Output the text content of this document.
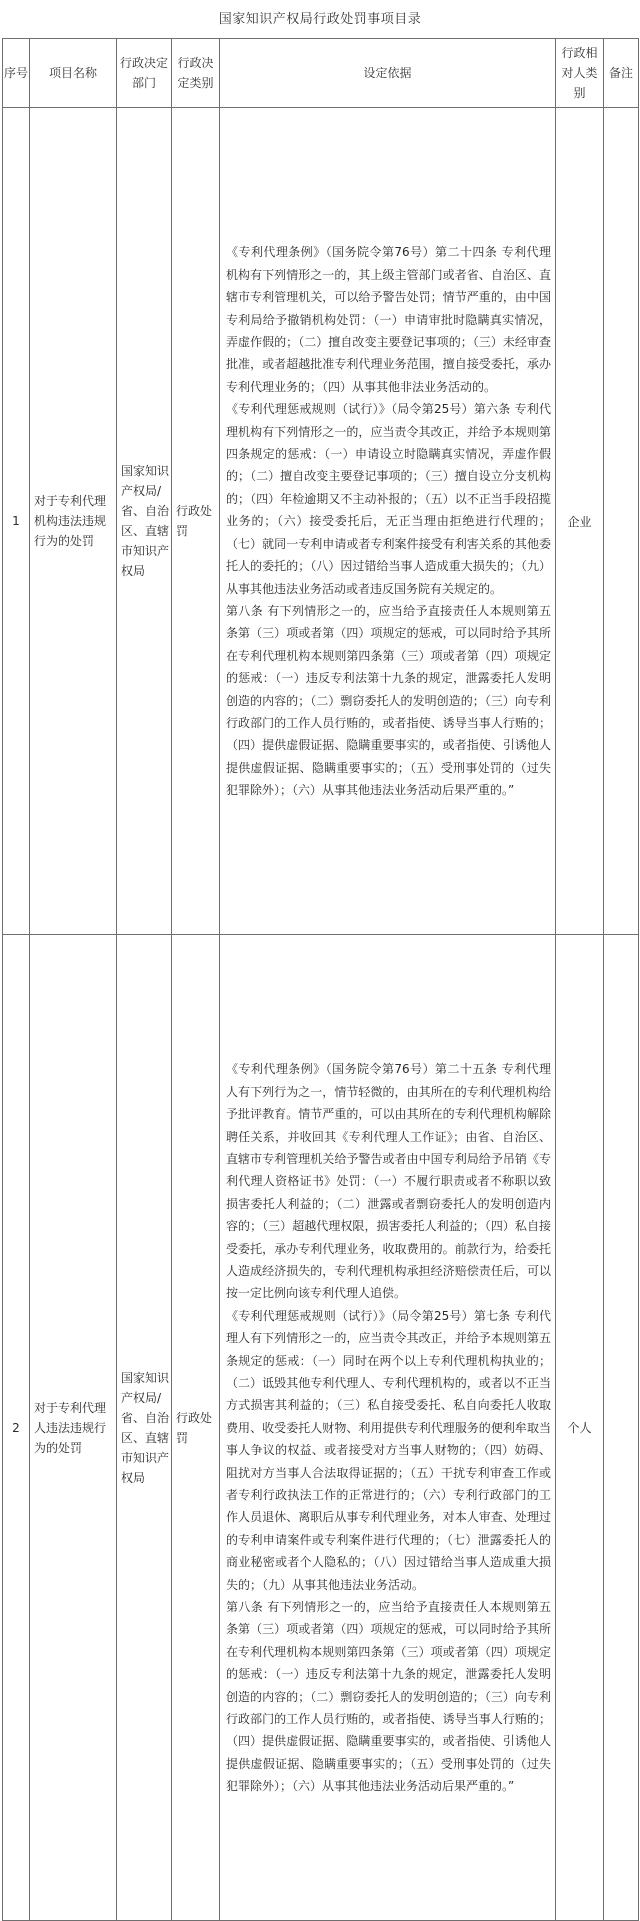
国家知识产权局行政处罚事项目录
序号	项目名称	行政决定部门	行政决定类别	设定依据	行政相对人类别	备注
1	对于专利代理机构违法违规行为的处罚	国家知识产权局/省、自治区、直辖市知识产权局	行政处罚	《专利代理条例》（国务院令第76号）第二十四条 专利代理机构有下列情形之一的，其上级主管部门或者省、自治区、直辖市专利管理机关，可以给予警告处罚；情节严重的，由中国专利局给予撤销机构处罚：（一）申请审批时隐瞒真实情况，弄虚作假的；（二）擅自改变主要登记事项的；（三）未经审查批准，或者超越批准专利代理业务范围，擅自接受委托，承办专利代理业务的；（四）从事其他非法业务活动的。

《专利代理惩戒规则（试行）》（局令第25号）第六条 专利代理机构有下列情形之一的，应当责令其改正，并给予本规则第四条规定的惩戒：（一）申请设立时隐瞒真实情况，弄虚作假的；（二）擅自改变主要登记事项的；（三）擅自设立分支机构的；（四）年检逾期又不主动补报的；（五）以不正当手段招揽业务的；（六）接受委托后，无正当理由拒绝进行代理的；（七）就同一专利申请或者专利案件接受有利害关系的其他委托人的委托的；（八）因过错给当事人造成重大损失的；（九）从事其他违法业务活动或者违反国务院有关规定的。

第八条 有下列情形之一的，应当给予直接责任人本规则第五条第（三）项或者第（四）项规定的惩戒，可以同时给予其所在专利代理机构本规则第四条第（三）项或者第（四）项规定的惩戒：（一）违反专利法第十九条的规定，泄露委托人发明创造的内容的；（二）剽窃委托人的发明创造的；（三）向专利行政部门的工作人员行贿的，或者指使、诱导当事人行贿的；（四）提供虚假证据、隐瞒重要事实的，或者指使、引诱他人提供虚假证据、隐瞒重要事实的；（五）受刑事处罚的（过失犯罪除外）；（六）从事其他违法业务活动后果严重的。”	企业	
2	对于专利代理人违法违规行为的处罚	国家知识产权局/省、自治区、直辖市知识产权局	行政处罚	《专利代理条例》（国务院令第76号）第二十五条 专利代理人有下列行为之一，情节轻微的，由其所在的专利代理机构给予批评教育。情节严重的，可以由其所在的专利代理机构解除聘任关系，并收回其《专利代理人工作证》；由省、自治区、直辖市专利管理机关给予警告或者由中国专利局给予吊销《专利代理人资格证书》处罚：（一）不履行职责或者不称职以致损害委托人利益的；（二）泄露或者剽窃委托人的发明创造内容的；（三）超越代理权限，损害委托人利益的；（四）私自接受委托，承办专利代理业务，收取费用的。前款行为，给委托人造成经济损失的，专利代理机构承担经济赔偿责任后，可以按一定比例向该专利代理人追偿。

《专利代理惩戒规则（试行）》（局令第25号）第七条 专利代理人有下列情形之一的，应当责令其改正，并给予本规则第五条规定的惩戒：（一）同时在两个以上专利代理机构执业的；（二）诋毁其他专利代理人、专利代理机构的，或者以不正当方式损害其利益的；（三）私自接受委托、私自向委托人收取费用、收受委托人财物、利用提供专利代理服务的便利牟取当事人争议的权益、或者接受对方当事人财物的；（四）妨碍、阻扰对方当事人合法取得证据的；（五）干扰专利审查工作或者专利行政执法工作的正常进行的；（六）专利行政部门的工作人员退休、离职后从事专利代理业务，对本人审查、处理过的专利申请案件或专利案件进行代理的；（七）泄露委托人的商业秘密或者个人隐私的；（八）因过错给当事人造成重大损失的；（九）从事其他违法业务活动。

第八条 有下列情形之一的，应当给予直接责任人本规则第五条第（三）项或者第（四）项规定的惩戒，可以同时给予其所在专利代理机构本规则第四条第（三）项或者第（四）项规定的惩戒：（一）违反专利法第十九条的规定，泄露委托人发明创造的内容的；（二）剽窃委托人的发明创造的；（三）向专利行政部门的工作人员行贿的，或者指使、诱导当事人行贿的；（四）提供虚假证据、隐瞒重要事实的，或者指使、引诱他人提供虚假证据、隐瞒重要事实的；（五）受刑事处罚的（过失犯罪除外）；（六）从事其他违法业务活动后果严重的。”	个人	
